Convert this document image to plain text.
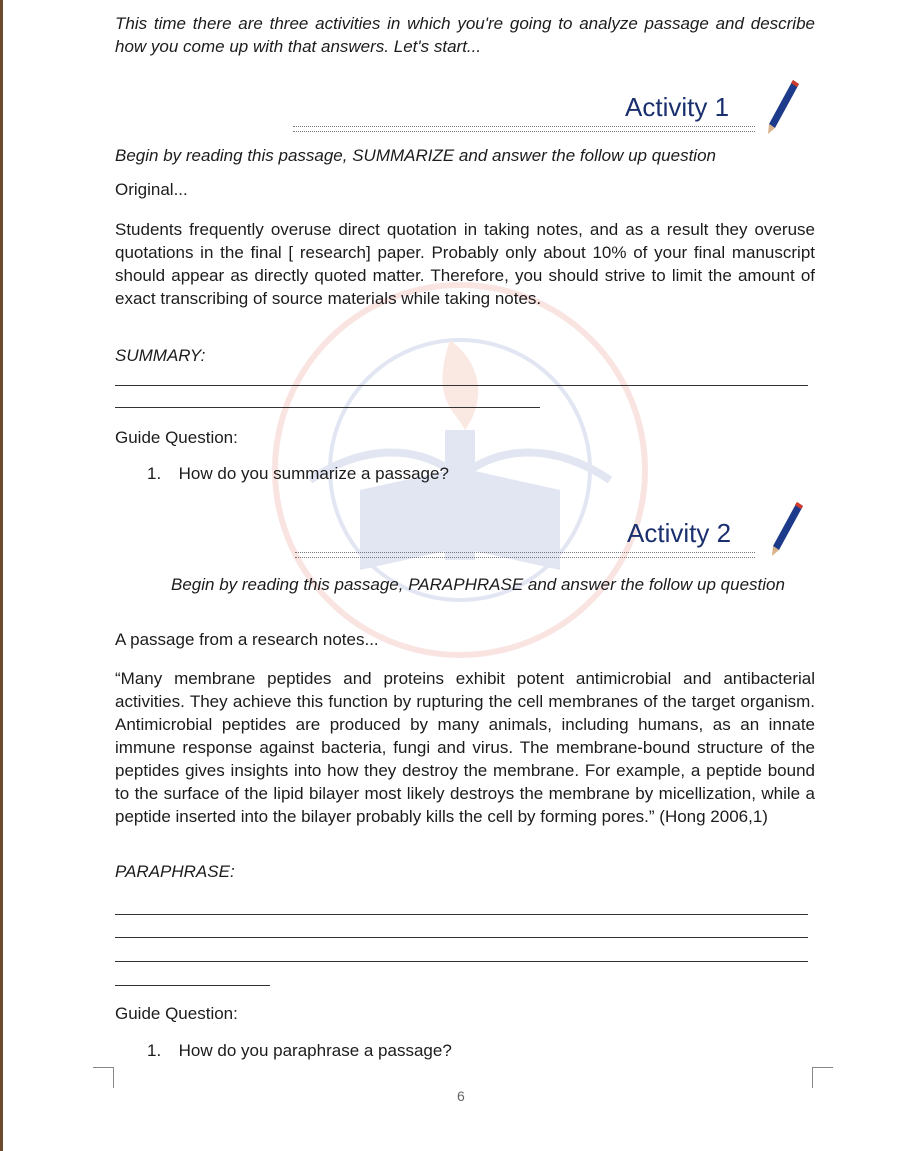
This time there are three activities in which you're going to analyze passage and describe how you come up with that answers. Let's start...

Activity 1

Begin by reading this passage, SUMMARIZE and answer the follow up question

Original...

Students frequently overuse direct quotation in taking notes, and as a result they overuse quotations in the final [ research] paper. Probably only about 10% of your final manuscript should appear as directly quoted matter. Therefore, you should strive to limit the amount of exact transcribing of source materials while taking notes.

SUMMARY:

Guide Question:

1. How do you summarize a passage?

Activity 2

Begin by reading this passage, PARAPHRASE and answer the follow up question

A passage from a research notes...

“Many membrane peptides and proteins exhibit potent antimicrobial and antibacterial activities. They achieve this function by rupturing the cell membranes of the target organism. Antimicrobial peptides are produced by many animals, including humans, as an innate immune response against bacteria, fungi and virus. The membrane-bound structure of the peptides gives insights into how they destroy the membrane. For example, a peptide bound to the surface of the lipid bilayer most likely destroys the membrane by micellization, while a peptide inserted into the bilayer probably kills the cell by forming pores.” (Hong 2006,1)

PARAPHRASE:

Guide Question:

1. How do you paraphrase a passage?

6
